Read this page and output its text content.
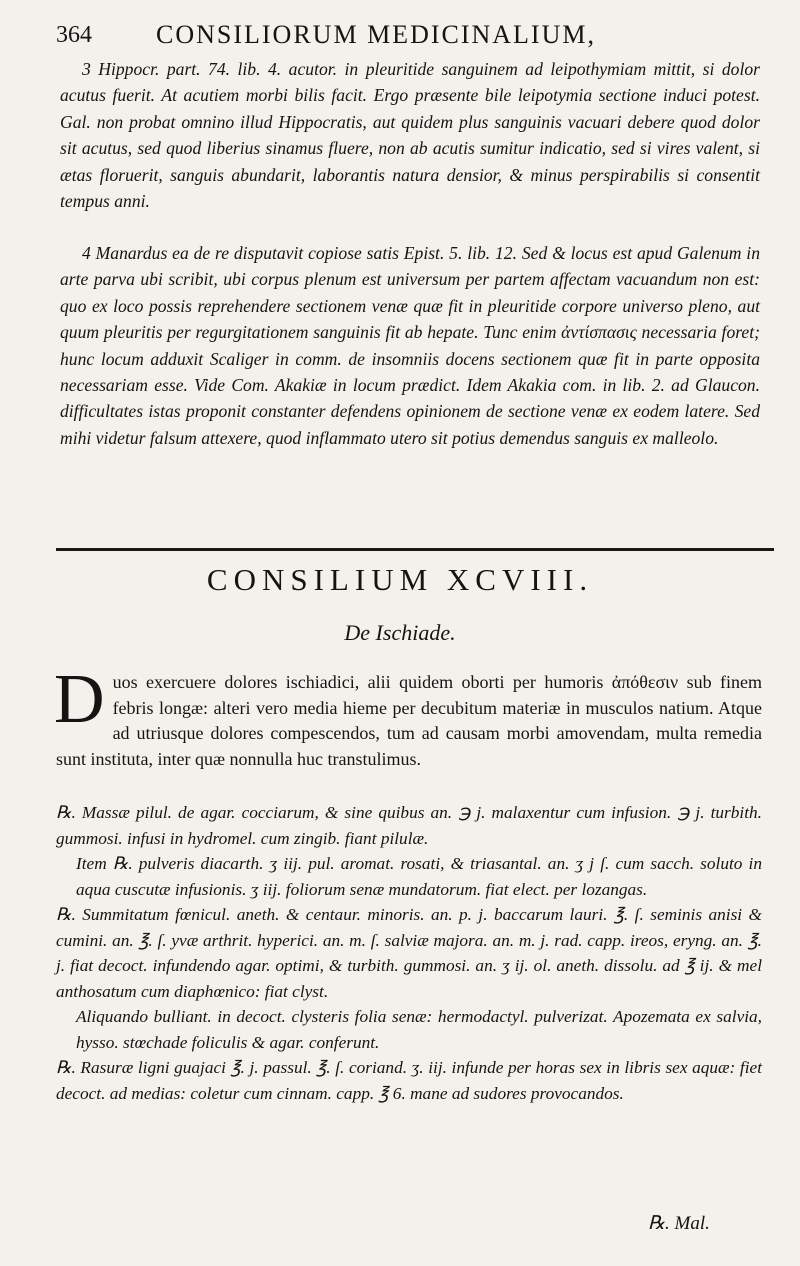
364 CONSILIORUM MEDICINALIUM,

3 Hippocr. part. 74. lib. 4. acutor. in pleuritide sanguinem ad leipothymiam mittit, si dolor acutus fuerit. At acutiem morbi bilis facit. Ergo præsente bile leipotymia sectione induci potest. Gal. non probat omnino illud Hippocratis, aut quidem plus sanguinis vacuari debere quod dolor sit acutus, sed quod liberius sinamus fluere, non ab acutis sumitur indicatio, sed si vires valent, si ætas floruerit, sanguis abundarit, laborantis natura densior, & minus perspirabilis si consentit tempus anni.

4 Manardus ea de re disputavit copiose satis Epist. 5. lib. 12. Sed & locus est apud Galenum in arte parva ubi scribit, ubi corpus plenum est universum per partem affectam vacuandum non est: quo ex loco possis reprehendere sectionem venæ quæ fit in pleuritide corpore universo pleno, aut quum pleuritis per regurgitationem sanguinis fit ab hepate. Tunc enim ἀντίσπασις necessaria foret; hunc locum adduxit Scaliger in comm. de insomniis docens sectionem quæ fit in parte opposita necessariam esse. Vide Com. Akakiæ in locum prædict. Idem Akakia com. in lib. 2. ad Glaucon. difficultates istas proponit constanter defendens opinionem de sectione venæ ex eodem latere. Sed mihi videtur falsum attexere, quod inflammato utero sit potius demendus sanguis ex malleolo.

CONSILIUM XCVIII.
De Ischiade.

D uos exercuere dolores ischiadici, alii quidem oborti per humoris ἀπόθεσιν sub finem febris longæ: alteri vero media hieme per decubitum materiæ in musculos natium. Atque ad utriusque dolores compescendos, tum ad causam morbi amovendam, multa remedia sunt instituta, inter quæ nonnulla huc transtulimus.

℞. Massæ pilul. de agar. cocciarum, & sine quibus an. ℈ j. malaxentur cum infusion. ℈ j. turbith. gummosi. infusi in hydromel. cum zingib. fiant pilulæ.

Item ℞. pulveris diacarth. ʒ iij. pul. aromat. rosati, & triasantal. an. ʒ j ſ. cum sacch. soluto in aqua cuscutæ infusionis. ʒ iij. foliorum senæ mundatorum. fiat elect. per lozangas.

℞. Summitatum fœnicul. aneth. & centaur. minoris. an. p. j. baccarum lauri. ℥. ſ. seminis anisi & cumini. an. ℥. ſ. yvæ arthrit. hyperici. an. m. ſ. salviæ majora. an. m. j. rad. capp. ireos, eryng. an. ℥. j. fiat decoct. infundendo agar. optimi, & turbith. gummosi. an. ʒ ij. ol. aneth. dissolu. ad ℥ ij. & mel anthosatum cum diaphœnico: fiat clyst.

Aliquando bulliant. in decoct. clysteris folia senæ: hermodactyl. pulverizat. Apozemata ex salvia, hysso. stœchade foliculis & agar. conferunt.

℞. Rasuræ ligni guajaci ℥. j. passul. ℥. ſ. coriand. ʒ. iij. infunde per horas sex in libris sex aquæ: fiet decoct. ad medias: coletur cum cinnam. capp. ℥ 6. mane ad sudores provocandos.

℞. Mal.
